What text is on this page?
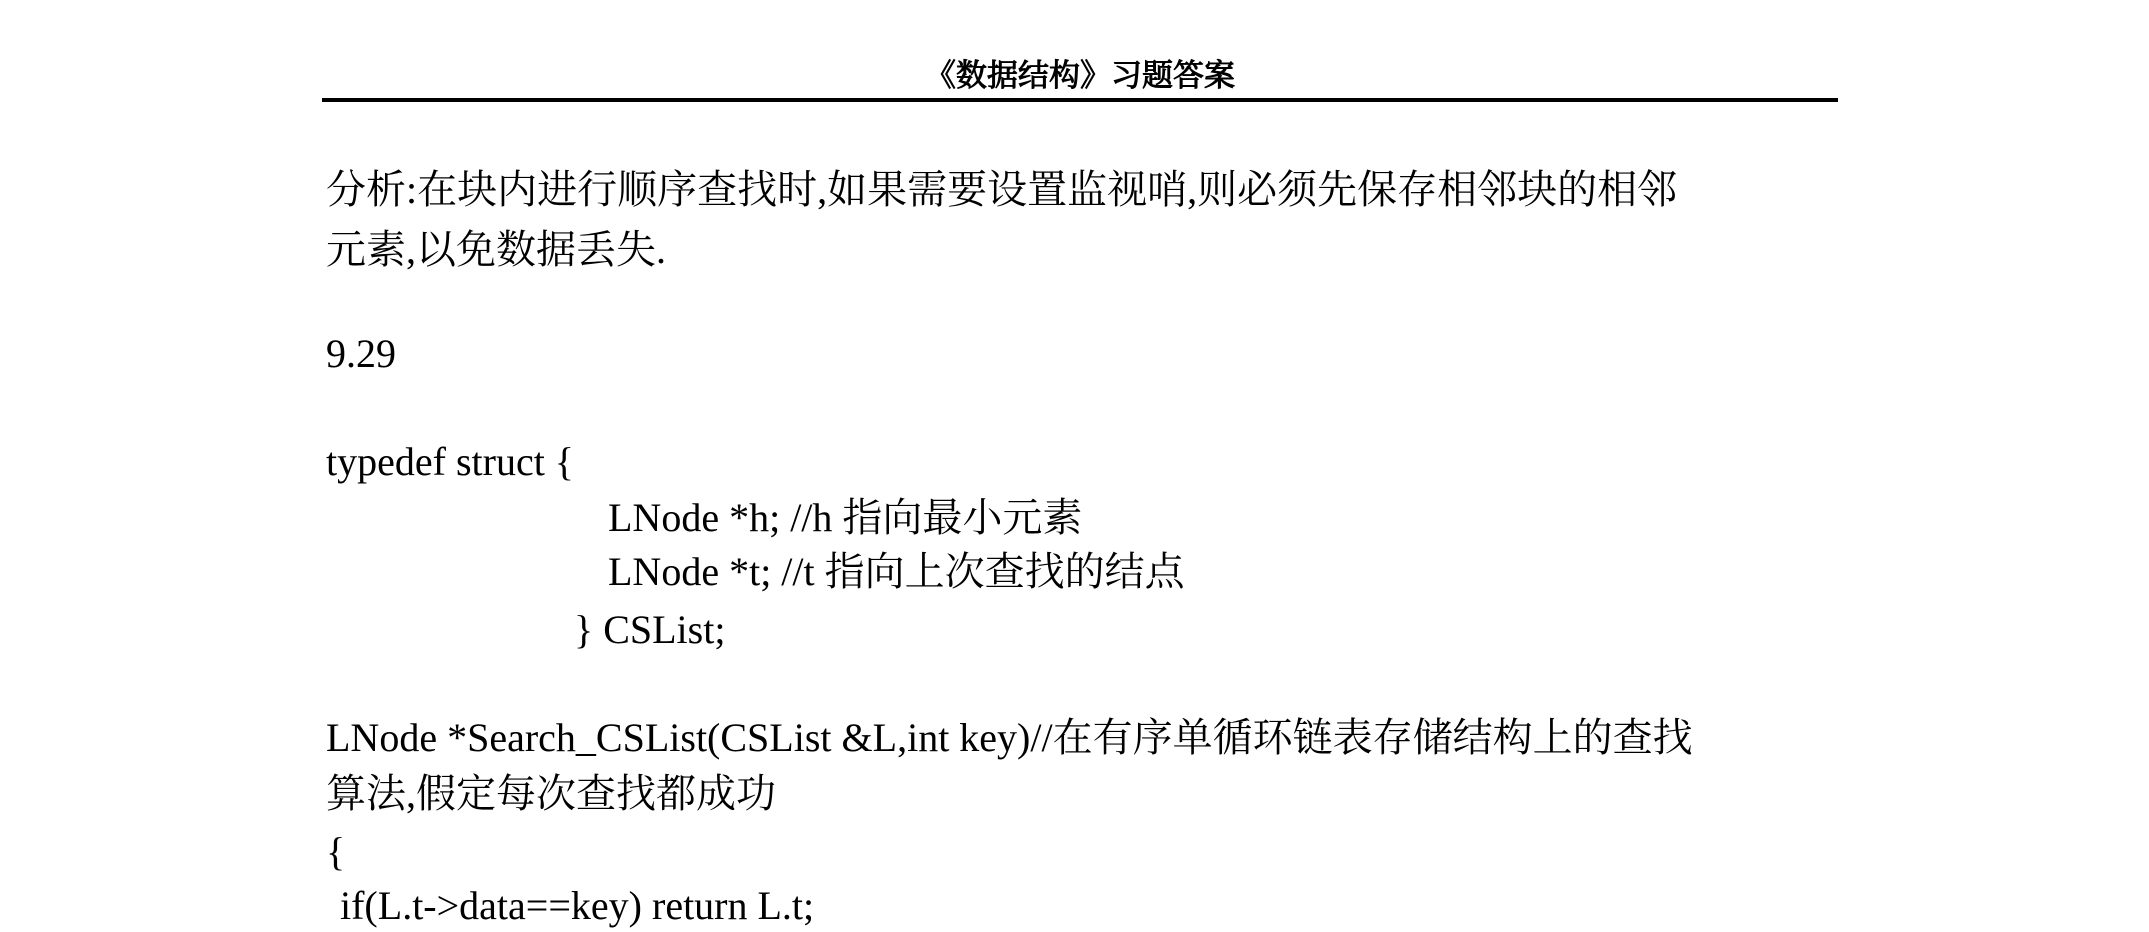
《数据结构》习题答案
分析:在块内进行顺序查找时,如果需要设置监视哨,则必须先保存相邻块的相邻
元素,以免数据丢失.
9.29
typedef struct {
LNode *h; //h 指向最小元素
LNode *t; //t 指向上次查找的结点
} CSList;
LNode *Search_CSList(CSList &L,int key)//在有序单循环链表存储结构上的查找
算法,假定每次查找都成功
{
if(L.t->data==key) return L.t;
